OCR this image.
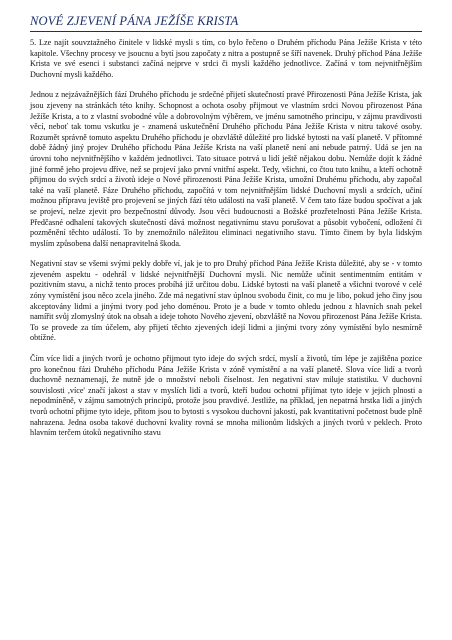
NOVÉ ZJEVENÍ PÁNA JEŽÍŠE KRISTA

5. Lze najít souvztažného činitele v lidské mysli s tím, co bylo řečeno o Druhém příchodu Pána Ježíše Krista v této kapitole. Všechny procesy ve jsoucnu a bytí jsou započaty z nitra a postupně se šíří navenek. Druhý příchod Pána Ježíše Krista ve své esenci i substanci začíná nejprve v srdci či mysli každého jednotlivce. Začíná v tom nejvnitřnějším Duchovní mysli každého.

Jednou z nejzávažnějších fází Druhého příchodu je srdečné přijetí skutečností pravé Přirozenosti Pána Ježíše Krista, jak jsou zjeveny na stránkách této knihy. Schopnost a ochota osoby přijmout ve vlastním srdci Novou přirozenost Pána Ježíše Krista, a to z vlastní svobodné vůle a dobrovolným výběrem, ve jménu samotného principu, v zájmu pravdivosti věcí, neboť tak tomu vskutku je - znamená uskutečnění Druhého příchodu Pána Ježíše Krista v nitru takové osoby. Rozumět správně tomuto aspektu Druhého příchodu je obzvláště důležité pro lidské bytosti na vaší planetě. V přítomné době žádný jiný projev Druhého příchodu Pána Ježíše Krista na vaší planetě není ani nebude patrný. Udá se jen na úrovni toho nejvnitřnějšího v každém jednotlivci. Tato situace potrvá u lidí ještě nějakou dobu. Nemůže dojít k žádné jiné formě jeho projevu dříve, než se projeví jako první vnitřní aspekt. Tedy, všichni, co čtou tuto knihu, a kteří ochotně přijmou do svých srdcí a životů ideje o Nové přirozenosti Pána Ježíše Krista, umožní Druhému příchodu, aby započal také na vaší planetě. Fáze Druhého příchodu, započítá v tom nejvnitřnějším lidské Duchovní mysli a srdcích, učiní možnou přípravu jeviště pro projevení se jiných fází této události na vaší planetě. V čem tato fáze budou spočívat a jak se projeví, nelze zjevit pro bezpečnostní důvody. Jsou věci budoucnosti a Božské prozřetelnosti Pána Ježíše Krista. Předčasné odhalení takových skutečností dává možnost negativnímu stavu porušovat a působit vybočení, odložení či pozměnění těchto událostí. To by znemožnilo náležitou eliminaci negativního stavu. Tímto činem by byla lidským myslím způsobena další nenapravitelná škoda.

Negativní stav se všemi svými pekly dobře ví, jak je to pro Druhý příchod Pána Ježíše Krista důležité, aby se - v tomto zjeveném aspektu - odehrál v lidské nejvnitřnější Duchovní mysli. Nic nemůže učinit sentimentním entitám v pozitivním stavu, a nichž tento proces probíhá již určitou dobu. Lidské bytosti na vaší planetě a všichni tvorové v celé zóny vymístění jsou něco zcela jiného. Zde má negativní stav úplnou svobodu činit, co mu je libo, pokud jeho činy jsou akceptovány lidmi a jinými tvory pod jeho doménou. Proto je a bude v tomto ohledu jednou z hlavních snah pekel namířit svůj zlomyslný útok na obsah a ideje tohoto Nového zjevení, obzvláště na Novou přirozenost Pána Ježíše Krista. To se provede za tím účelem, aby přijetí těchto zjevených idejí lidmi a jinými tvory zóny vymístění bylo nesmírně obtížné.

Čím více lidí a jiných tvorů je ochotno přijmout tyto ideje do svých srdcí, myslí a životů, tím lépe je zajištěna pozice pro konečnou fázi Druhého příchodu Pána Ježíše Krista v zóně vymístění a na vaší planetě. Slova více lidí a tvorů duchovně neznamenají, že nutně jde o množství neboli číselnost. Jen negativní stav miluje statistiku. V duchovní souvislosti ,více' značí jakost a stav v myslích lidí a tvorů, kteří budou ochotni přijímat tyto ideje v jejich plnosti a nepodmíněně, v zájmu samotných principů, protože jsou pravdivé. Jestliže, na příklad, jen nepatrná hrstka lidí a jiných tvorů ochotní přijme tyto ideje, přitom jsou to bytosti s vysokou duchovní jakostí, pak kvantitativní početnost bude plně nahrazena. Jedna osoba takové duchovní kvality rovná se mnoha milionům lidských a jiných tvorů v peklech. Proto hlavním terčem útoků negativního stavu
